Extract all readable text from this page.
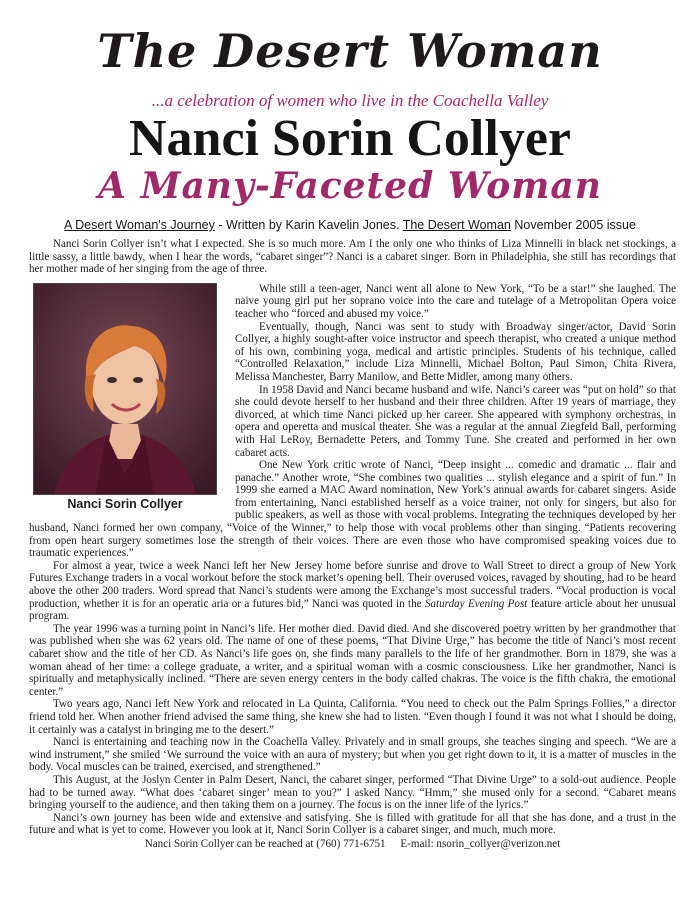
The Desert Woman
...a celebration of women who live in the Coachella Valley
Nanci Sorin Collyer
A Many-Faceted Woman
A Desert Woman's Journey - Written by Karin Kavelin Jones. The Desert Woman November 2005 issue

Nanci Sorin Collyer isn’t what I expected. She is so much more. Am I the only one who thinks of Liza Minnelli in black net stockings, a little sassy, a little bawdy, when I hear the words, “cabaret singer”? Nanci is a cabaret singer. Born in Philadelphia, she still has recordings that her mother made of her singing from the age of three.

Nanci Sorin Collyer

While still a teen-ager, Nanci went all alone to New York, “To be a star!” she laughed. The naive young girl put her soprano voice into the care and tutelage of a Metropolitan Opera voice teacher who “forced and abused my voice.”

Eventually, though, Nanci was sent to study with Broadway singer/actor, David Sorin Collyer, a highly sought-after voice instructor and speech therapist, who created a unique method of his own, combining yoga, medical and artistic principles. Students of his technique, called “Controlled Relaxation,” include Liza Minnelli, Michael Bolton, Paul Simon, Chita Rivera, Melissa Manchester, Barry Manilow, and Bette Midler, among many others.

In 1958 David and Nanci became husband and wife. Nanci’s career was “put on hold” so that she could devote herself to her husband and their three children. After 19 years of marriage, they divorced, at which time Nanci picked up her career. She appeared with symphony orchestras, in opera and operetta and musical theater. She was a regular at the annual Ziegfeld Ball, performing with Hal LeRoy, Bernadette Peters, and Tommy Tune. She created and performed in her own cabaret acts.

One New York critic wrote of Nanci, “Deep insight ... comedic and dramatic ... flair and panache.” Another wrote, “She combines two qualities ... stylish elegance and a spirit of fun.” In 1999 she earned a MAC Award nomination, New York’s annual awards for cabaret singers. Aside from entertaining, Nanci established herself as a voice trainer, not only for singers, but also for public speakers, as well as those with vocal problems. Integrating the techniques developed by her husband, Nanci formed her own company, “Voice of the Winner,” to help those with vocal problems other than singing. “Patients recovering from open heart surgery sometimes lose the strength of their voices. There are even those who have compromised speaking voices due to traumatic experiences.”

For almost a year, twice a week Nanci left her New Jersey home before sunrise and drove to Wall Street to direct a group of New York Futures Exchange traders in a vocal workout before the stock market’s opening bell. Their overused voices, ravaged by shouting, had to be heard above the other 200 traders. Word spread that Nanci’s students were among the Exchange’s most successful traders. “Vocal production is vocal production, whether it is for an operatic aria or a futures bid,” Nanci was quoted in the Saturday Evening Post feature article about her unusual program.

The year 1996 was a turning point in Nanci’s life. Her mother died. David died. And she discovered poetry written by her grandmother that was published when she was 62 years old. The name of one of these poems, “That Divine Urge,” has become the title of Nanci’s most recent cabaret show and the title of her CD. As Nanci’s life goes on, she finds many parallels to the life of her grandmother. Born in 1879, she was a woman ahead of her time: a college graduate, a writer, and a spiritual woman with a cosmic consciousness. Like her grandmother, Nanci is spiritually and metaphysically inclined. “There are seven energy centers in the body called chakras. The voice is the fifth chakra, the emotional center.”

Two years ago, Nanci left New York and relocated in La Quinta, California. “You need to check out the Palm Springs Follies,” a director friend told her. When another friend advised the same thing, she knew she had to listen. “Even though I found it was not what I should be doing, it certainly was a catalyst in bringing me to the desert.”

Nanci is entertaining and teaching now in the Coachella Valley. Privately and in small groups, she teaches singing and speech. “We are a wind instrument,” she smiled ‘We surround the voice with an aura of mystery; but when you get right down to it, it is a matter of muscles in the body. Vocal muscles can be trained, exercised, and strengthened.”

This August, at the Joslyn Center in Palm Desert, Nanci, the cabaret singer, performed “That Divine Urge” to a sold-out audience. People had to be turned away. “What does ‘cabaret singer’ mean to you?” I asked Nancy. “Hmm,” she mused only for a second. “Cabaret means bringing yourself to the audience, and then taking them on a journey. The focus is on the inner life of the lyrics.”

Nanci’s own journey has been wide and extensive and satisfying. She is filled with gratitude for all that she has done, and a trust in the future and what is yet to come. However you look at it, Nanci Sorin Collyer is a cabaret singer, and much, much more.

Nanci Sorin Collyer can be reached at (760) 771-6751 E-mail: nsorin_collyer@verizon.net
